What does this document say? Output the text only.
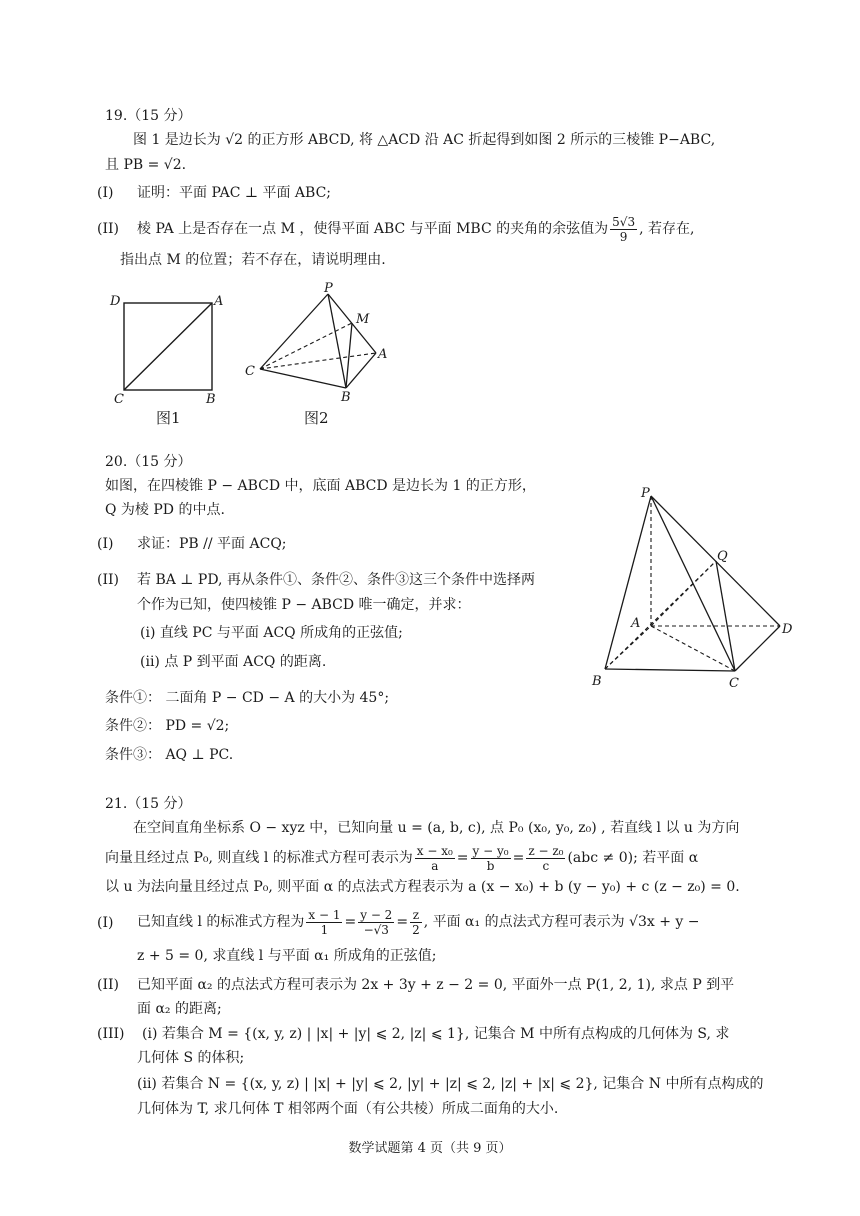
19.（15 分）
图 1 是边长为 √2 的正方形 ABCD, 将 △ACD 沿 AC 折起得到如图 2 所示的三棱锥 P−ABC,
且 PB = √2.
(I) 证明：平面 PAC ⊥ 平面 ABC;
(II) 棱 PA 上是否存在一点 M ，使得平面 ABC 与平面 MBC 的夹角的余弦值为 $\frac{5√3}{9}$ , 若存在,
指出点 M 的位置；若不存在，请说明理由.
D	A
C	B
图1
P
M
A
C
B
图2
20.（15 分）
如图，在四棱锥 P − ABCD 中，底面 ABCD 是边长为 1 的正方形，
Q 为棱 PD 的中点.
(I) 求证：PB // 平面 ACQ;
(II) 若 BA ⊥ PD, 再从条件①、条件②、条件③这三个条件中选择两
个作为已知，使四棱锥 P − ABCD 唯一确定，并求：
(i) 直线 PC 与平面 ACQ 所成角的正弦值;
(ii) 点 P 到平面 ACQ 的距离.
条件①： 二面角 P − CD − A 的大小为 45°;
条件②： PD = √2;
条件③： AQ ⊥ PC.
P
Q
A	D
B	C
21.（15 分）
在空间直角坐标系 O − xyz 中，已知向量 u = (a, b, c), 点 P₀ (x₀, y₀, z₀) , 若直线 l 以 u 为方向
向量且经过点 P₀, 则直线 l 的标准式方程可表示为 $\frac{\text{x − x₀}}{a} = \frac{\text{y − y₀}}{b} = \frac{\text{z − z₀}}{c} (abc \ne 0)$; 若平面 α
以 u 为法向量且经过点 P₀, 则平面 α 的点法式方程表示为 a (x − x₀) + b (y − y₀) + c (z − z₀) = 0.
(I) 已知直线 l 的标准式方程为 $\frac{x - 1}{1} = \frac{y - 2}{-√3} = \frac{z}{2}$ , 平面 α₁ 的点法式方程可表示为 √3x + y −
z + 5 = 0, 求直线 l 与平面 α₁ 所成角的正弦值;
(II) 已知平面 α₂ 的点法式方程可表示为 2x + 3y + z − 2 = 0, 平面外一点 P(1, 2, 1), 求点 P 到平
面 α₂ 的距离;
(III) (i) 若集合 M = {(x, y, z) | |x| + |y| ⩽ 2, |z| ⩽ 1}, 记集合 M 中所有点构成的几何体为 S, 求
几何体 S 的体积;
(ii) 若集合 N = {(x, y, z) | |x| + |y| ⩽ 2, |y| + |z| ⩽ 2, |z| + |x| ⩽ 2}, 记集合 N 中所有点构成的
几何体为 T, 求几何体 T 相邻两个面（有公共棱）所成二面角的大小.
数学试题第 4 页（共 9 页）
